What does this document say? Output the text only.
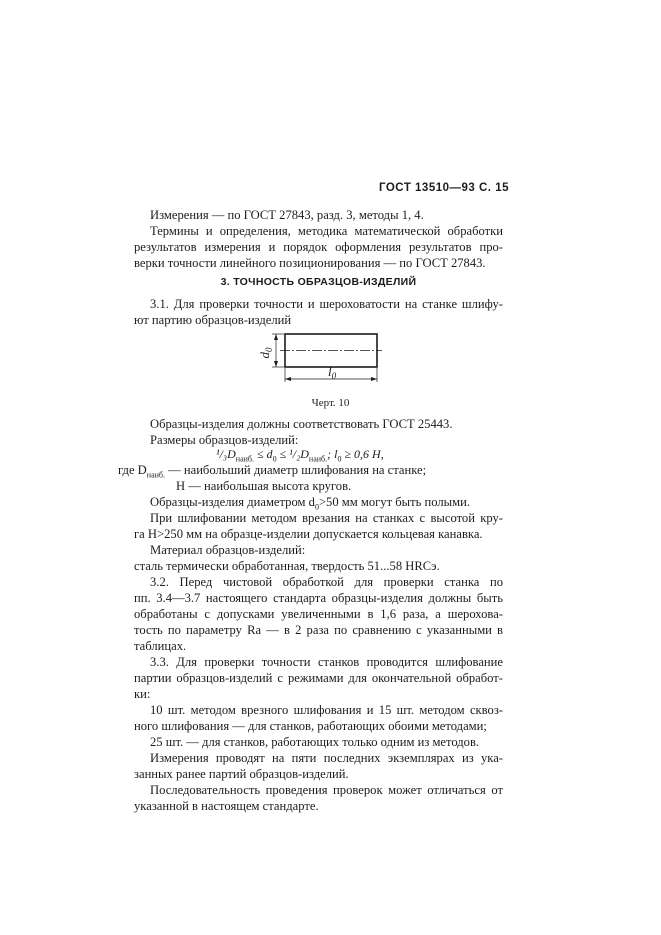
ГОСТ 13510—93 С. 15
Измерения — по ГОСТ 27843, разд. 3, методы 1, 4.
Термины и определения, методика математической обработки
результатов измерения и порядок оформления результатов про-
верки точности линейного позиционирования — по ГОСТ 27843.
3. ТОЧНОСТЬ ОБРАЗЦОВ-ИЗДЕЛИЙ
3.1. Для проверки точности и шероховатости на станке шлифу-
ют партию образцов-изделий
$d_0$
$l_0$
Черт. 10
Образцы-изделия должны соответствовать ГОСТ 25443.
Размеры образцов-изделий:
$^1/_3D_{наиб.} \le d_0 \le ^1/_2D_{наиб.}$; $l_0 \ge 0,6$ H,
где $D_{наиб.}$ — наибольший диаметр шлифования на станке;
H — наибольшая высота кругов.
Образцы-изделия диаметром $d_0>50$ мм могут быть полыми.
При шлифовании методом врезания на станках с высотой кру-
га H>250 мм на образце-изделии допускается кольцевая канавка.
Материал образцов-изделий:
сталь термически обработанная, твердость 51...58 HRCэ.
3.2. Перед чистовой обработкой для проверки станка по
пп. 3.4—3.7 настоящего стандарта образцы-изделия должны быть
обработаны с допусками увеличенными в 1,6 раза, а шерохова-
тость по параметру Ra — в 2 раза по сравнению с указанными в
таблицах.
3.3. Для проверки точности станков проводится шлифование
партии образцов-изделий с режимами для окончательной обработ-
ки:
10 шт. методом врезного шлифования и 15 шт. методом сквоз-
ного шлифования — для станков, работающих обоими методами;
25 шт. — для станков, работающих только одним из методов.
Измерения проводят на пяти последних экземплярах из ука-
занных ранее партий образцов-изделий.
Последовательность проведения проверок может отличаться от
указанной в настоящем стандарте.
